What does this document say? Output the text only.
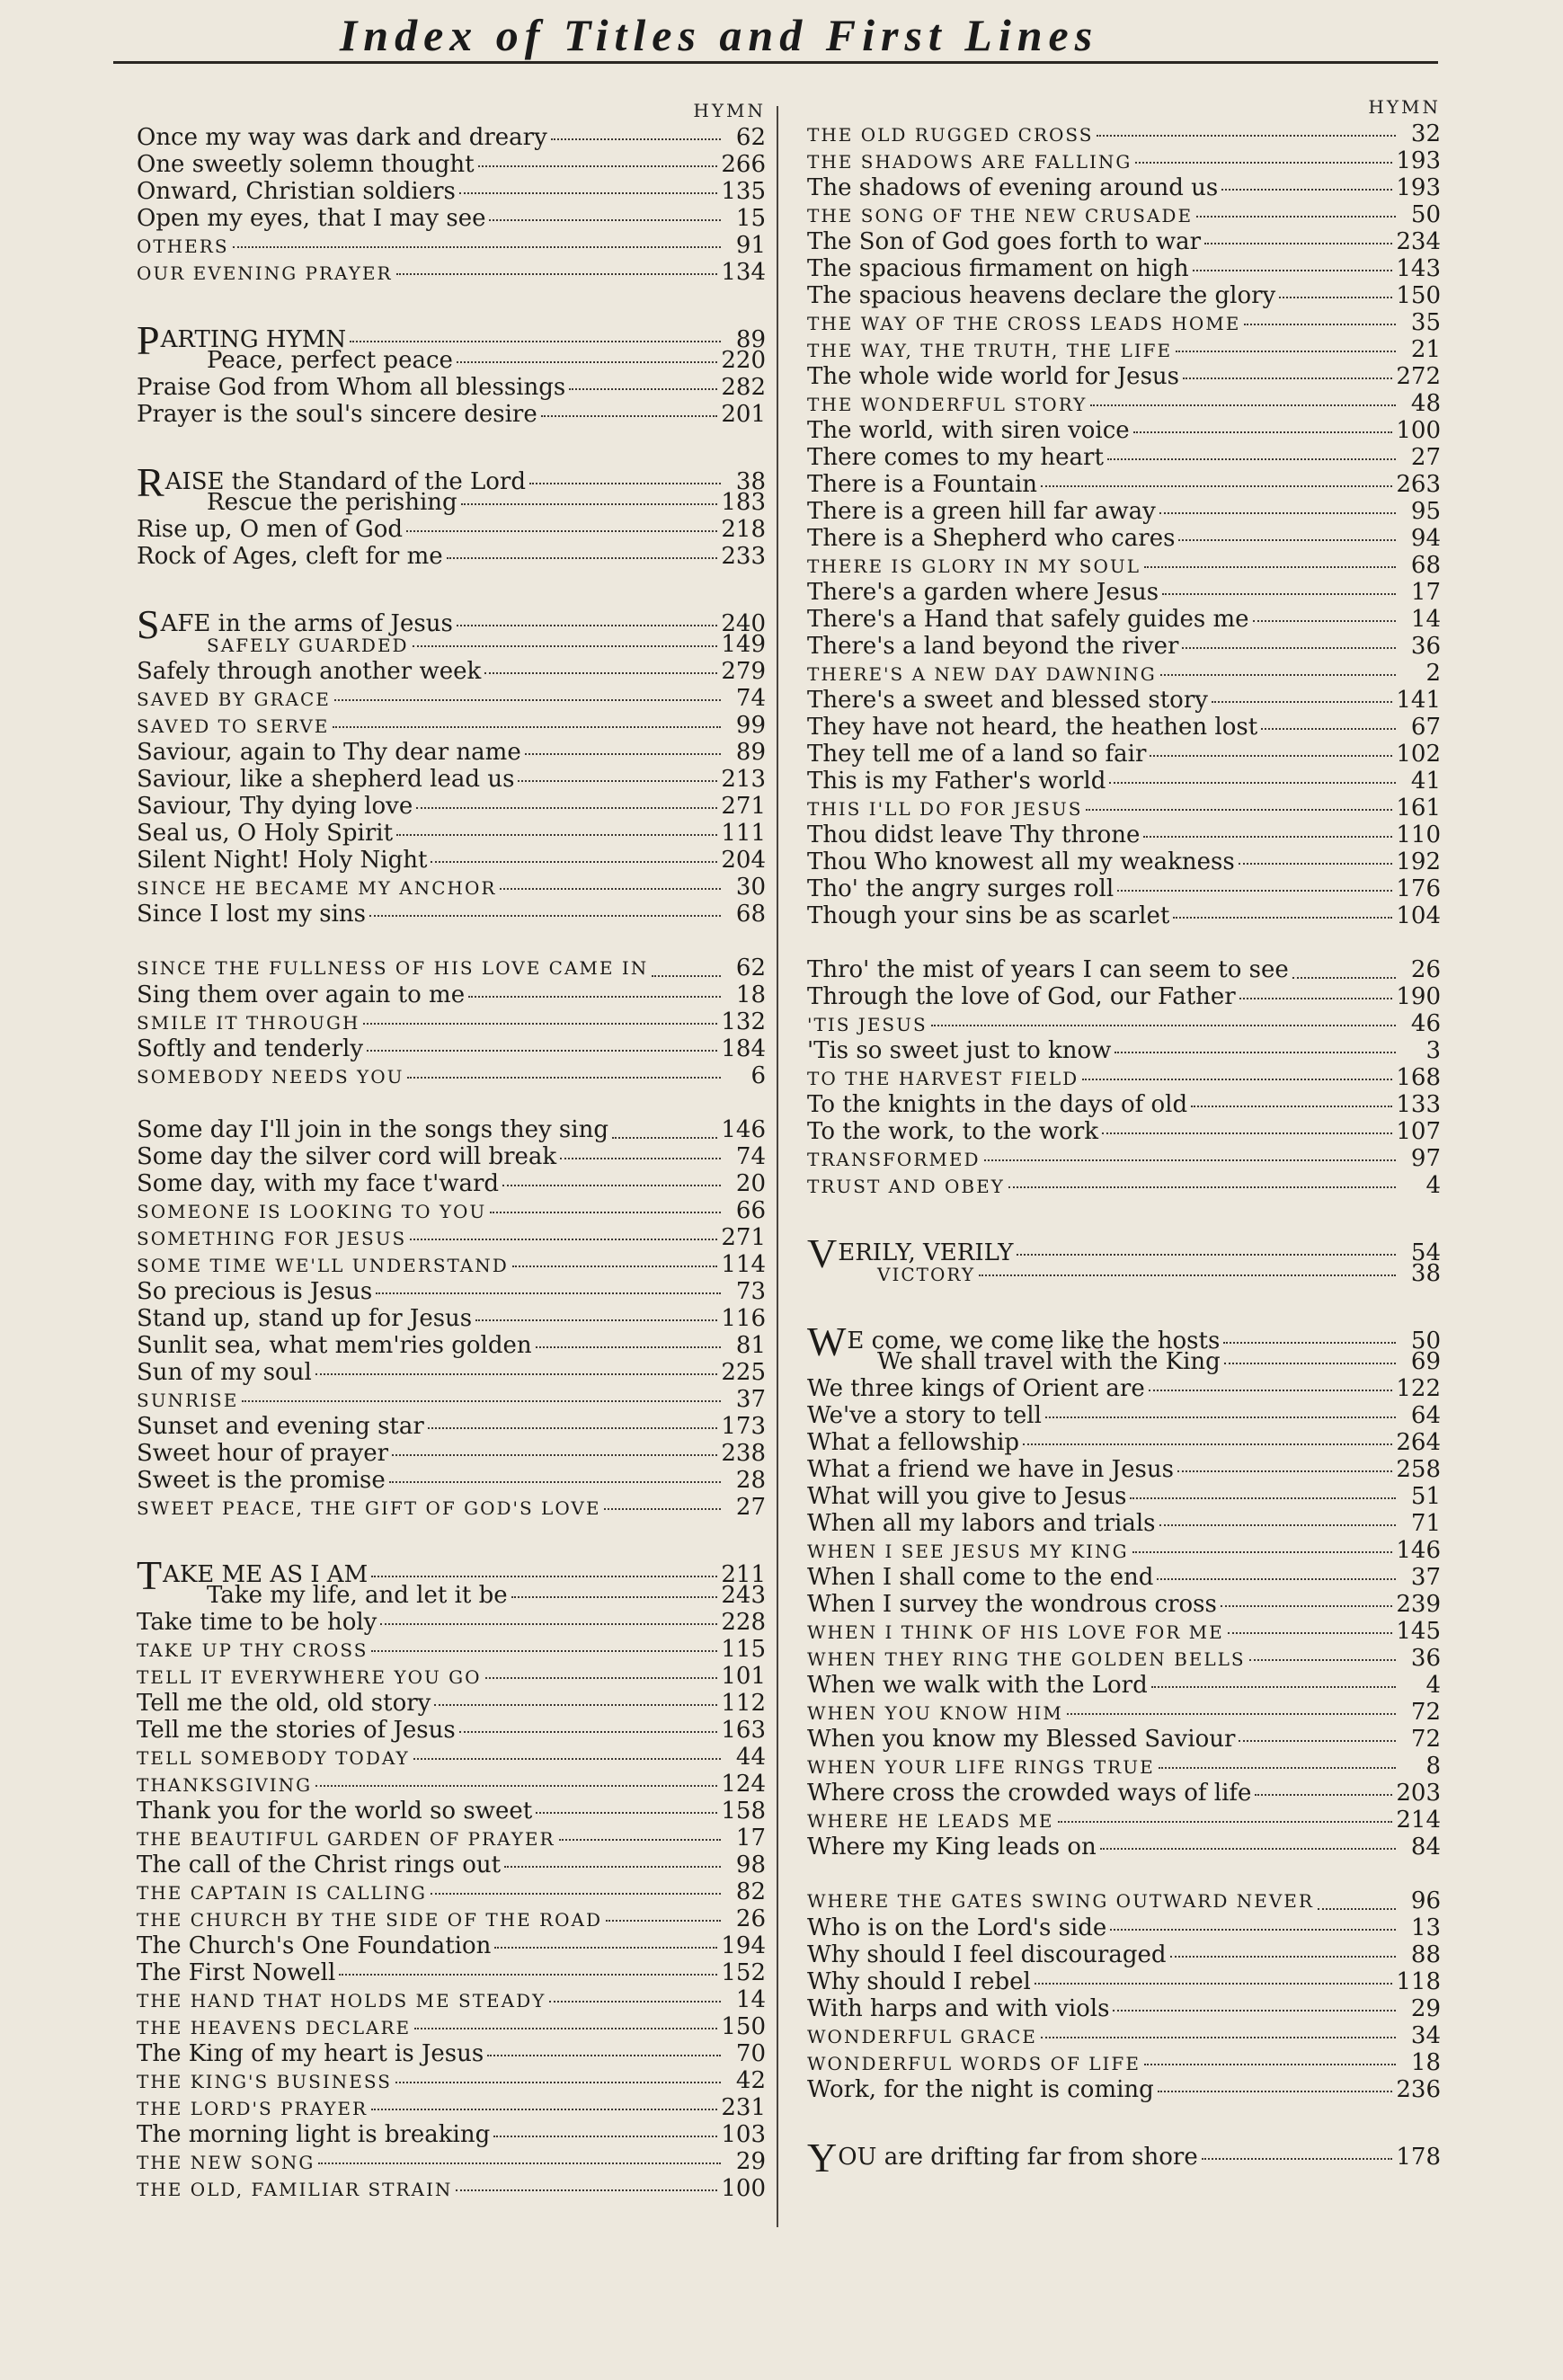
Index of Titles and First Lines
HYMN
Once my way was dark and dreary	62
One sweetly solemn thought	266
Onward, Christian soldiers	135
Open my eyes, that I may see	15
OTHERS	91
OUR EVENING PRAYER	134
PARTING HYMN	89
Peace, perfect peace	220
Praise God from Whom all blessings	282
Prayer is the soul's sincere desire	201
RAISE the Standard of the Lord	38
Rescue the perishing	183
Rise up, O men of God	218
Rock of Ages, cleft for me	233
SAFE in the arms of Jesus	240
SAFELY GUARDED	149
Safely through another week	279
SAVED BY GRACE	74
SAVED TO SERVE	99
Saviour, again to Thy dear name	89
Saviour, like a shepherd lead us	213
Saviour, Thy dying love	271
Seal us, O Holy Spirit	111
Silent Night! Holy Night	204
SINCE HE BECAME MY ANCHOR	30
Since I lost my sins	68
SINCE THE FULLNESS OF HIS LOVE CAME IN	62
Sing them over again to me	18
SMILE IT THROUGH	132
Softly and tenderly	184
SOMEBODY NEEDS YOU	6
Some day I'll join in the songs they sing	146
Some day the silver cord will break	74
Some day, with my face t'ward	20
SOMEONE IS LOOKING TO YOU	66
SOMETHING FOR JESUS	271
SOME TIME WE'LL UNDERSTAND	114
So precious is Jesus	73
Stand up, stand up for Jesus	116
Sunlit sea, what mem'ries golden	81
Sun of my soul	225
SUNRISE	37
Sunset and evening star	173
Sweet hour of prayer	238
Sweet is the promise	28
SWEET PEACE, THE GIFT OF GOD'S LOVE	27
TAKE ME AS I AM	211
Take my life, and let it be	243
Take time to be holy	228
TAKE UP THY CROSS	115
TELL IT EVERYWHERE YOU GO	101
Tell me the old, old story	112
Tell me the stories of Jesus	163
TELL SOMEBODY TODAY	44
THANKSGIVING	124
Thank you for the world so sweet	158
THE BEAUTIFUL GARDEN OF PRAYER	17
The call of the Christ rings out	98
THE CAPTAIN IS CALLING	82
THE CHURCH BY THE SIDE OF THE ROAD	26
The Church's One Foundation	194
The First Nowell	152
THE HAND THAT HOLDS ME STEADY	14
THE HEAVENS DECLARE	150
The King of my heart is Jesus	70
THE KING'S BUSINESS	42
THE LORD'S PRAYER	231
The morning light is breaking	103
THE NEW SONG	29
THE OLD, FAMILIAR STRAIN	100
HYMN
THE OLD RUGGED CROSS	32
THE SHADOWS ARE FALLING	193
The shadows of evening around us	193
THE SONG OF THE NEW CRUSADE	50
The Son of God goes forth to war	234
The spacious firmament on high	143
The spacious heavens declare the glory	150
THE WAY OF THE CROSS LEADS HOME	35
THE WAY, THE TRUTH, THE LIFE	21
The whole wide world for Jesus	272
THE WONDERFUL STORY	48
The world, with siren voice	100
There comes to my heart	27
There is a Fountain	263
There is a green hill far away	95
There is a Shepherd who cares	94
THERE IS GLORY IN MY SOUL	68
There's a garden where Jesus	17
There's a Hand that safely guides me	14
There's a land beyond the river	36
THERE'S A NEW DAY DAWNING	2
There's a sweet and blessed story	141
They have not heard, the heathen lost	67
They tell me of a land so fair	102
This is my Father's world	41
THIS I'LL DO FOR JESUS	161
Thou didst leave Thy throne	110
Thou Who knowest all my weakness	192
Tho' the angry surges roll	176
Though your sins be as scarlet	104
Thro' the mist of years I can seem to see	26
Through the love of God, our Father	190
'TIS JESUS	46
'Tis so sweet just to know	3
TO THE HARVEST FIELD	168
To the knights in the days of old	133
To the work, to the work	107
TRANSFORMED	97
TRUST AND OBEY	4
VERILY, VERILY	54
VICTORY	38
WE come, we come like the hosts	50
We shall travel with the King	69
We three kings of Orient are	122
We've a story to tell	64
What a fellowship	264
What a friend we have in Jesus	258
What will you give to Jesus	51
When all my labors and trials	71
WHEN I SEE JESUS MY KING	146
When I shall come to the end	37
When I survey the wondrous cross	239
WHEN I THINK OF HIS LOVE FOR ME	145
WHEN THEY RING THE GOLDEN BELLS	36
When we walk with the Lord	4
WHEN YOU KNOW HIM	72
When you know my Blessed Saviour	72
WHEN YOUR LIFE RINGS TRUE	8
Where cross the crowded ways of life	203
WHERE HE LEADS ME	214
Where my King leads on	84
WHERE THE GATES SWING OUTWARD NEVER	96
Who is on the Lord's side	13
Why should I feel discouraged	88
Why should I rebel	118
With harps and with viols	29
WONDERFUL GRACE	34
WONDERFUL WORDS OF LIFE	18
Work, for the night is coming	236
YOU are drifting far from shore	178
